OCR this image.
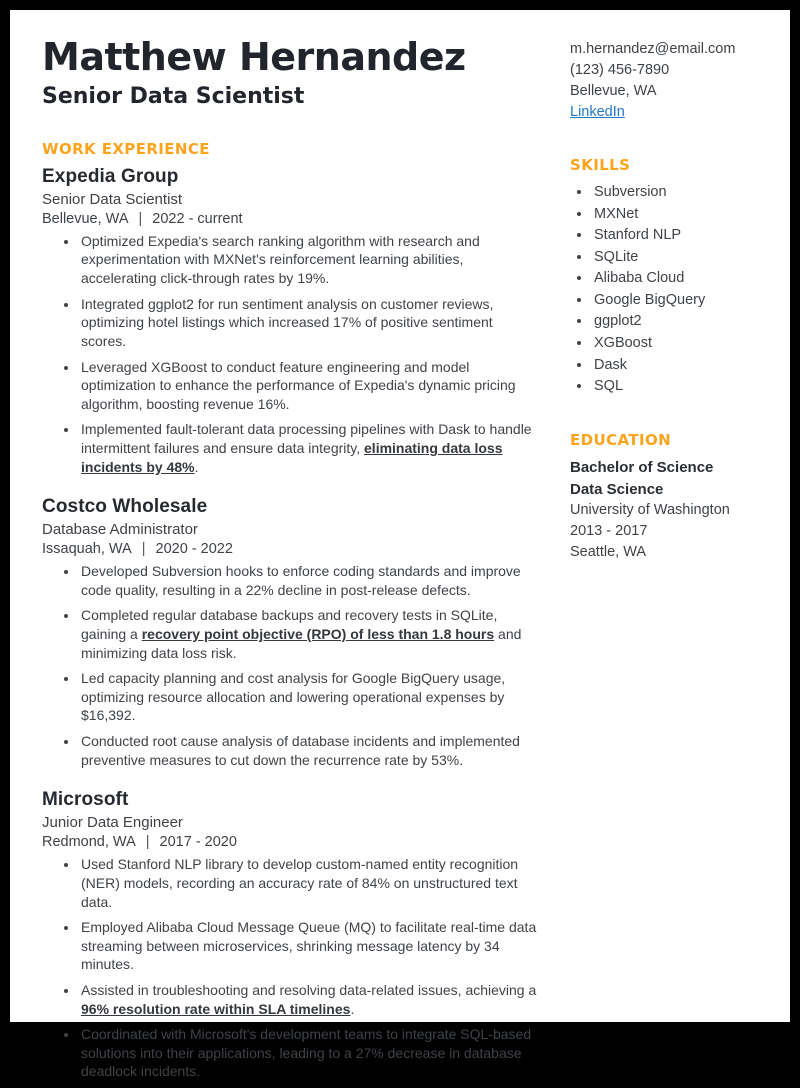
Matthew Hernandez
Senior Data Scientist
WORK EXPERIENCE
Expedia Group
Senior Data Scientist
Bellevue, WA | 2022 - current
• Optimized Expedia's search ranking algorithm with research and experimentation with MXNet's reinforcement learning abilities, accelerating click-through rates by 19%.
• Integrated ggplot2 for run sentiment analysis on customer reviews, optimizing hotel listings which increased 17% of positive sentiment scores.
• Leveraged XGBoost to conduct feature engineering and model optimization to enhance the performance of Expedia's dynamic pricing algorithm, boosting revenue 16%.
• Implemented fault-tolerant data processing pipelines with Dask to handle intermittent failures and ensure data integrity, eliminating data loss incidents by 48%.
Costco Wholesale
Database Administrator
Issaquah, WA | 2020 - 2022
• Developed Subversion hooks to enforce coding standards and improve code quality, resulting in a 22% decline in post-release defects.
• Completed regular database backups and recovery tests in SQLite, gaining a recovery point objective (RPO) of less than 1.8 hours and minimizing data loss risk.
• Led capacity planning and cost analysis for Google BigQuery usage, optimizing resource allocation and lowering operational expenses by $16,392.
• Conducted root cause analysis of database incidents and implemented preventive measures to cut down the recurrence rate by 53%.
Microsoft
Junior Data Engineer
Redmond, WA | 2017 - 2020
• Used Stanford NLP library to develop custom-named entity recognition (NER) models, recording an accuracy rate of 84% on unstructured text data.
• Employed Alibaba Cloud Message Queue (MQ) to facilitate real-time data streaming between microservices, shrinking message latency by 34 minutes.
• Assisted in troubleshooting and resolving data-related issues, achieving a 96% resolution rate within SLA timelines.
• Coordinated with Microsoft's development teams to integrate SQL-based solutions into their applications, leading to a 27% decrease in database deadlock incidents.
m.hernandez@email.com
(123) 456-7890
Bellevue, WA
LinkedIn
SKILLS
• Subversion
• MXNet
• Stanford NLP
• SQLite
• Alibaba Cloud
• Google BigQuery
• ggplot2
• XGBoost
• Dask
• SQL
EDUCATION
Bachelor of Science
Data Science
University of Washington
2013 - 2017
Seattle, WA
